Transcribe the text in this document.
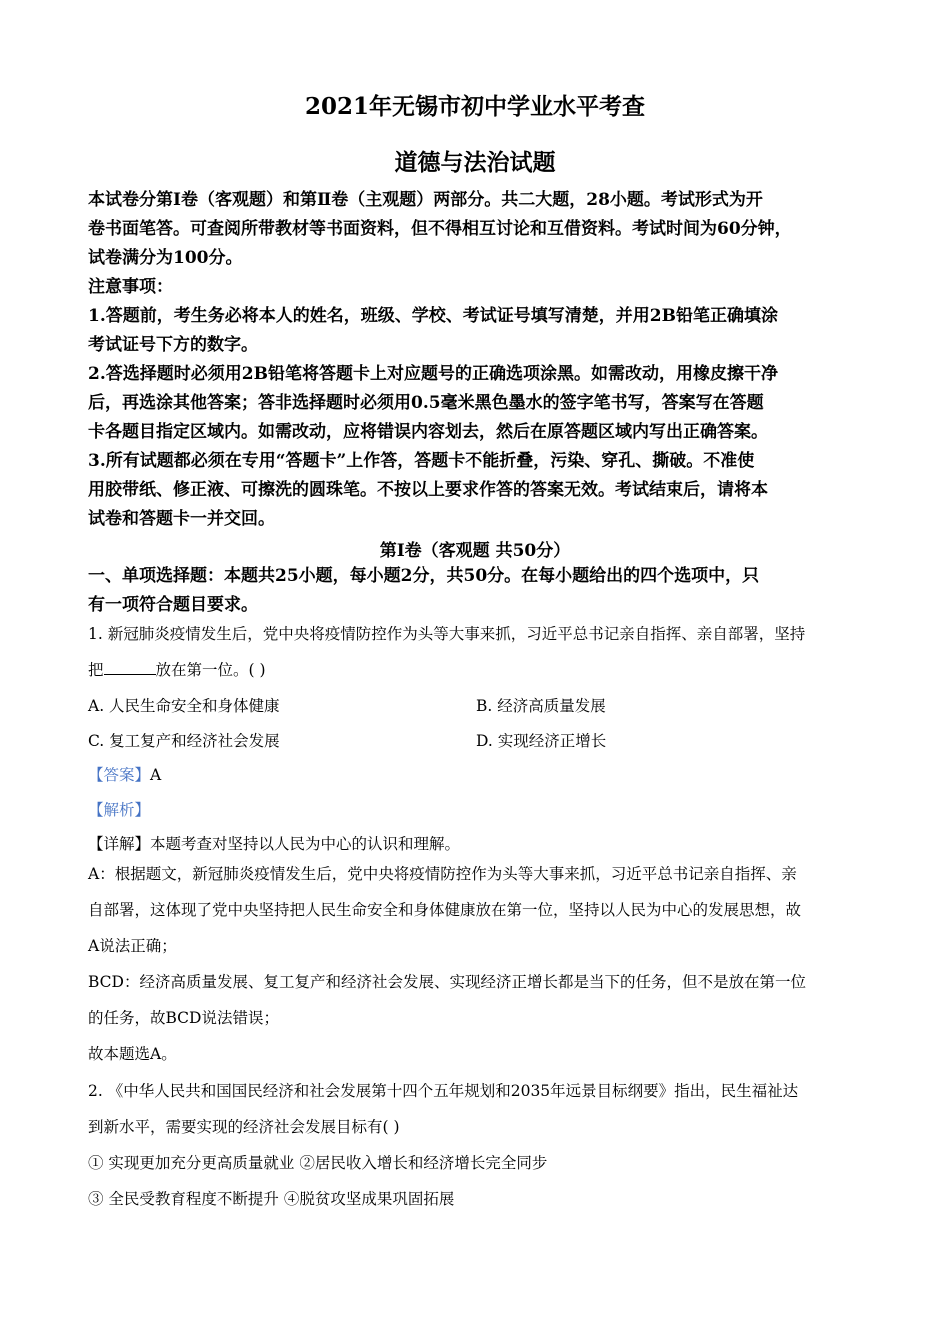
2021年无锡市初中学业水平考查
道德与法治试题

本试卷分第Ⅰ卷（客观题）和第Ⅱ卷（主观题）两部分。共二大题，28小题。考试形式为开

卷书面笔答。可查阅所带教材等书面资料，但不得相互讨论和互借资料。考试时间为60分钟，

试卷满分为100分。

注意事项：

1.答题前，考生务必将本人的姓名，班级、学校、考试证号填写清楚，并用2B铅笔正确填涂

考试证号下方的数字。

2.答选择题时必须用2B铅笔将答题卡上对应题号的正确选项涂黑。如需改动，用橡皮擦干净

后，再选涂其他答案；答非选择题时必须用0.5毫米黑色墨水的签字笔书写，答案写在答题

卡各题目指定区域内。如需改动，应将错误内容划去，然后在原答题区域内写出正确答案。

3.所有试题都必须在专用“答题卡”上作答，答题卡不能折叠，污染、穿孔、撕破。不准使

用胶带纸、修正液、可擦洗的圆珠笔。不按以上要求作答的答案无效。考试结束后，请将本

试卷和答题卡一并交回。

第Ⅰ卷（客观题 共50分）

一、单项选择题：本题共25小题，每小题2分，共50分。在每小题给出的四个选项中，只

有一项符合题目要求。

1. 新冠肺炎疫情发生后，党中央将疫情防控作为头等大事来抓，习近平总书记亲自指挥、亲自部署，坚持

把	放在第一位。( )

A. 人民生命安全和身体健康	B. 经济高质量发展

C. 复工复产和经济社会发展	D. 实现经济正增长

【答案】A

【解析】

【详解】本题考查对坚持以人民为中心的认识和理解。

A：根据题文，新冠肺炎疫情发生后，党中央将疫情防控作为头等大事来抓，习近平总书记亲自指挥、亲

自部署，这体现了党中央坚持把人民生命安全和身体健康放在第一位，坚持以人民为中心的发展思想，故

A说法正确；

BCD：经济高质量发展、复工复产和经济社会发展、实现经济正增长都是当下的任务，但不是放在第一位

的任务，故BCD说法错误；

故本题选A。

2. 《中华人民共和国国民经济和社会发展第十四个五年规划和2035年远景目标纲要》指出，民生福祉达

到新水平，需要实现的经济社会发展目标有( )

① 实现更加充分更高质量就业 ②居民收入增长和经济增长完全同步

③ 全民受教育程度不断提升 ④脱贫攻坚成果巩固拓展
